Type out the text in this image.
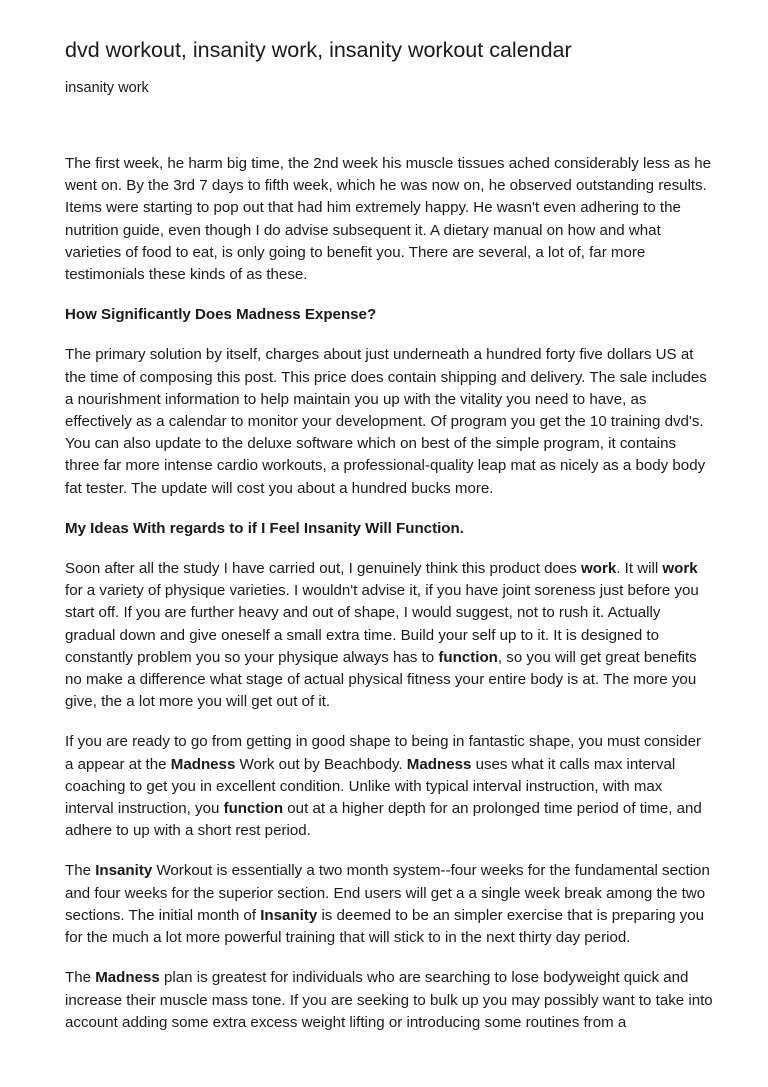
dvd workout, insanity work, insanity workout calendar
insanity work

The first week, he harm big time, the 2nd week his muscle tissues ached considerably less as he went on. By the 3rd 7 days to fifth week, which he was now on, he observed outstanding results. Items were starting to pop out that had him extremely happy. He wasn't even adhering to the nutrition guide, even though I do advise subsequent it. A dietary manual on how and what varieties of food to eat, is only going to benefit you. There are several, a lot of, far more testimonials these kinds of as these.

How Significantly Does Madness Expense?

The primary solution by itself, charges about just underneath a hundred forty five dollars US at the time of composing this post. This price does contain shipping and delivery. The sale includes a nourishment information to help maintain you up with the vitality you need to have, as effectively as a calendar to monitor your development. Of program you get the 10 training dvd's. You can also update to the deluxe software which on best of the simple program, it contains three far more intense cardio workouts, a professional-quality leap mat as nicely as a body body fat tester. The update will cost you about a hundred bucks more.

My Ideas With regards to if I Feel Insanity Will Function.

Soon after all the study I have carried out, I genuinely think this product does work. It will work for a variety of physique varieties. I wouldn't advise it, if you have joint soreness just before you start off. If you are further heavy and out of shape, I would suggest, not to rush it. Actually gradual down and give oneself a small extra time. Build your self up to it. It is designed to constantly problem you so your physique always has to function, so you will get great benefits no make a difference what stage of actual physical fitness your entire body is at. The more you give, the a lot more you will get out of it.

If you are ready to go from getting in good shape to being in fantastic shape, you must consider a appear at the Madness Work out by Beachbody. Madness uses what it calls max interval coaching to get you in excellent condition. Unlike with typical interval instruction, with max interval instruction, you function out at a higher depth for an prolonged time period of time, and adhere to up with a short rest period.

The Insanity Workout is essentially a two month system--four weeks for the fundamental section and four weeks for the superior section. End users will get a a single week break among the two sections. The initial month of Insanity is deemed to be an simpler exercise that is preparing you for the much a lot more powerful training that will stick to in the next thirty day period.

The Madness plan is greatest for individuals who are searching to lose bodyweight quick and increase their muscle mass tone. If you are seeking to bulk up you may possibly want to take into account adding some extra excess weight lifting or introducing some routines from a
